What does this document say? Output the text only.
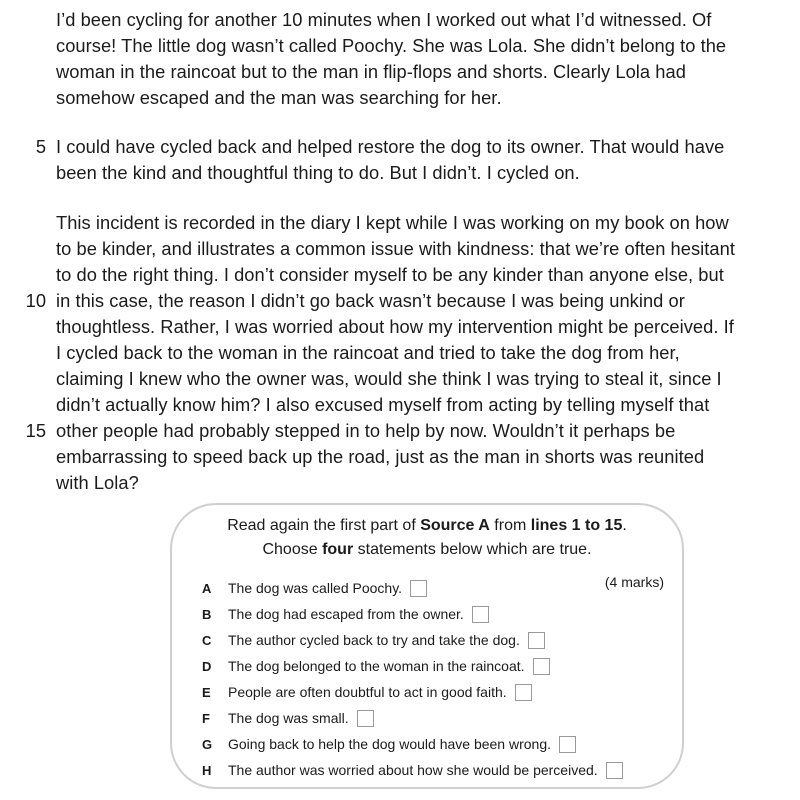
I’d been cycling for another 10 minutes when I worked out what I’d witnessed. Of
course! The little dog wasn’t called Poochy. She was Lola. She didn’t belong to the
woman in the raincoat but to the man in flip-flops and shorts. Clearly Lola had
somehow escaped and the man was searching for her.
5 I could have cycled back and helped restore the dog to its owner. That would have
been the kind and thoughtful thing to do. But I didn’t. I cycled on.
This incident is recorded in the diary I kept while I was working on my book on how
to be kinder, and illustrates a common issue with kindness: that we’re often hesitant
to do the right thing. I don’t consider myself to be any kinder than anyone else, but
10 in this case, the reason I didn’t go back wasn’t because I was being unkind or
thoughtless. Rather, I was worried about how my intervention might be perceived. If
I cycled back to the woman in the raincoat and tried to take the dog from her,
claiming I knew who the owner was, would she think I was trying to steal it, since I
didn’t actually know him? I also excused myself from acting by telling myself that
15 other people had probably stepped in to help by now. Wouldn’t it perhaps be
embarrassing to speed back up the road, just as the man in shorts was reunited
with Lola?
Read again the first part of Source A from lines 1 to 15.
Choose four statements below which are true.
(4 marks)
A	The dog was called Poochy.
B	The dog had escaped from the owner.
C	The author cycled back to try and take the dog.
D	The dog belonged to the woman in the raincoat.
E	People are often doubtful to act in good faith.
F	The dog was small.
G	Going back to help the dog would have been wrong.
H	The author was worried about how she would be perceived.
